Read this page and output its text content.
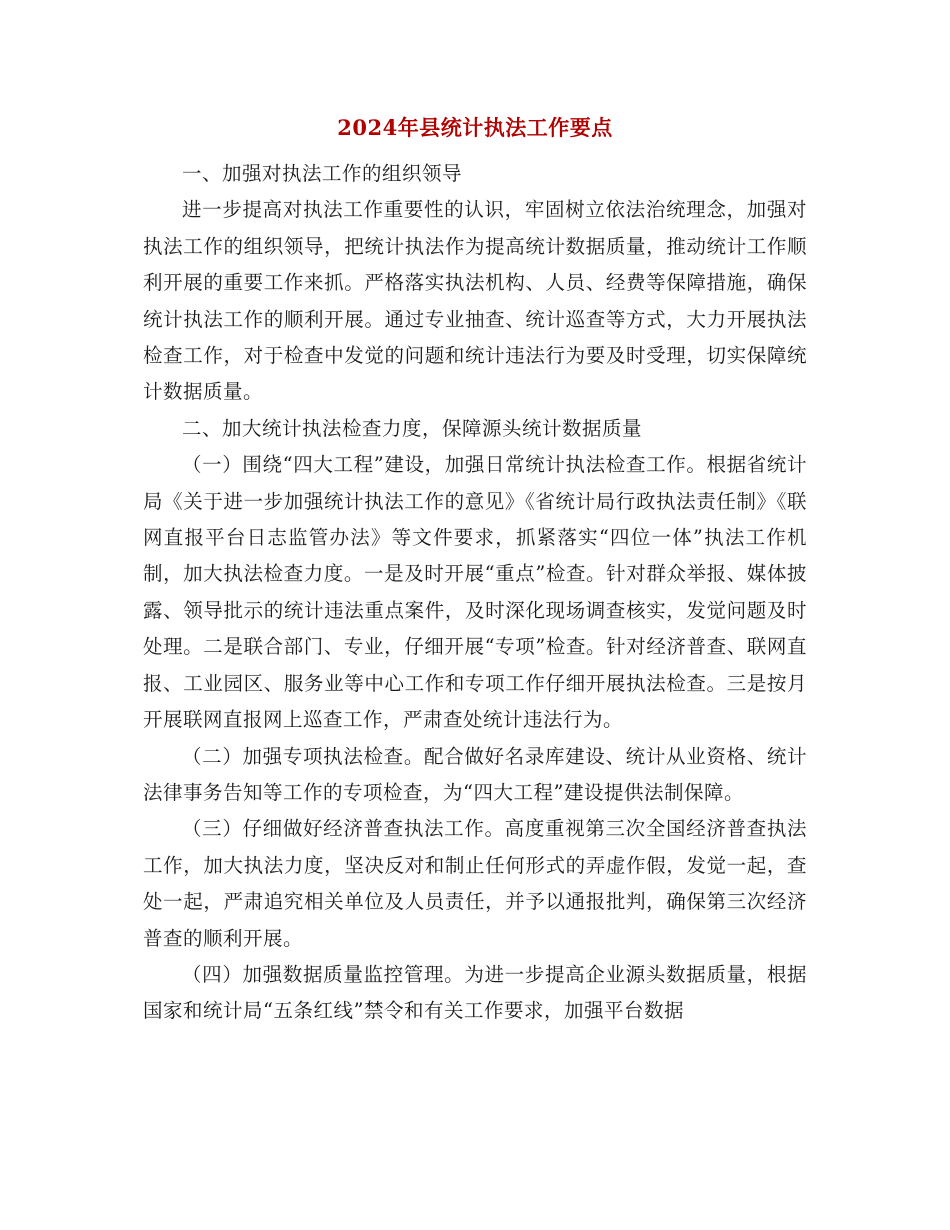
2024年县统计执法工作要点

一、加强对执法工作的组织领导

进一步提高对执法工作重要性的认识，牢固树立依法治统理念，加强对执法工作的组织领导，把统计执法作为提高统计数据质量，推动统计工作顺利开展的重要工作来抓。严格落实执法机构、人员、经费等保障措施，确保统计执法工作的顺利开展。通过专业抽查、统计巡查等方式，大力开展执法检查工作，对于检查中发觉的问题和统计违法行为要及时受理，切实保障统计数据质量。

二、加大统计执法检查力度，保障源头统计数据质量

（一）围绕“四大工程”建设，加强日常统计执法检查工作。根据省统计局《关于进一步加强统计执法工作的意见》《省统计局行政执法责任制》《联网直报平台日志监管办法》等文件要求，抓紧落实“四位一体”执法工作机制，加大执法检查力度。一是及时开展“重点”检查。针对群众举报、媒体披露、领导批示的统计违法重点案件，及时深化现场调查核实，发觉问题及时处理。二是联合部门、专业，仔细开展“专项”检查。针对经济普查、联网直报、工业园区、服务业等中心工作和专项工作仔细开展执法检查。三是按月开展联网直报网上巡查工作，严肃查处统计违法行为。

（二）加强专项执法检查。配合做好名录库建设、统计从业资格、统计法律事务告知等工作的专项检查，为“四大工程”建设提供法制保障。

（三）仔细做好经济普查执法工作。高度重视第三次全国经济普查执法工作，加大执法力度，坚决反对和制止任何形式的弄虚作假，发觉一起，查处一起，严肃追究相关单位及人员责任，并予以通报批判，确保第三次经济普查的顺利开展。

（四）加强数据质量监控管理。为进一步提高企业源头数据质量，根据国家和统计局“五条红线”禁令和有关工作要求，加强平台数据
